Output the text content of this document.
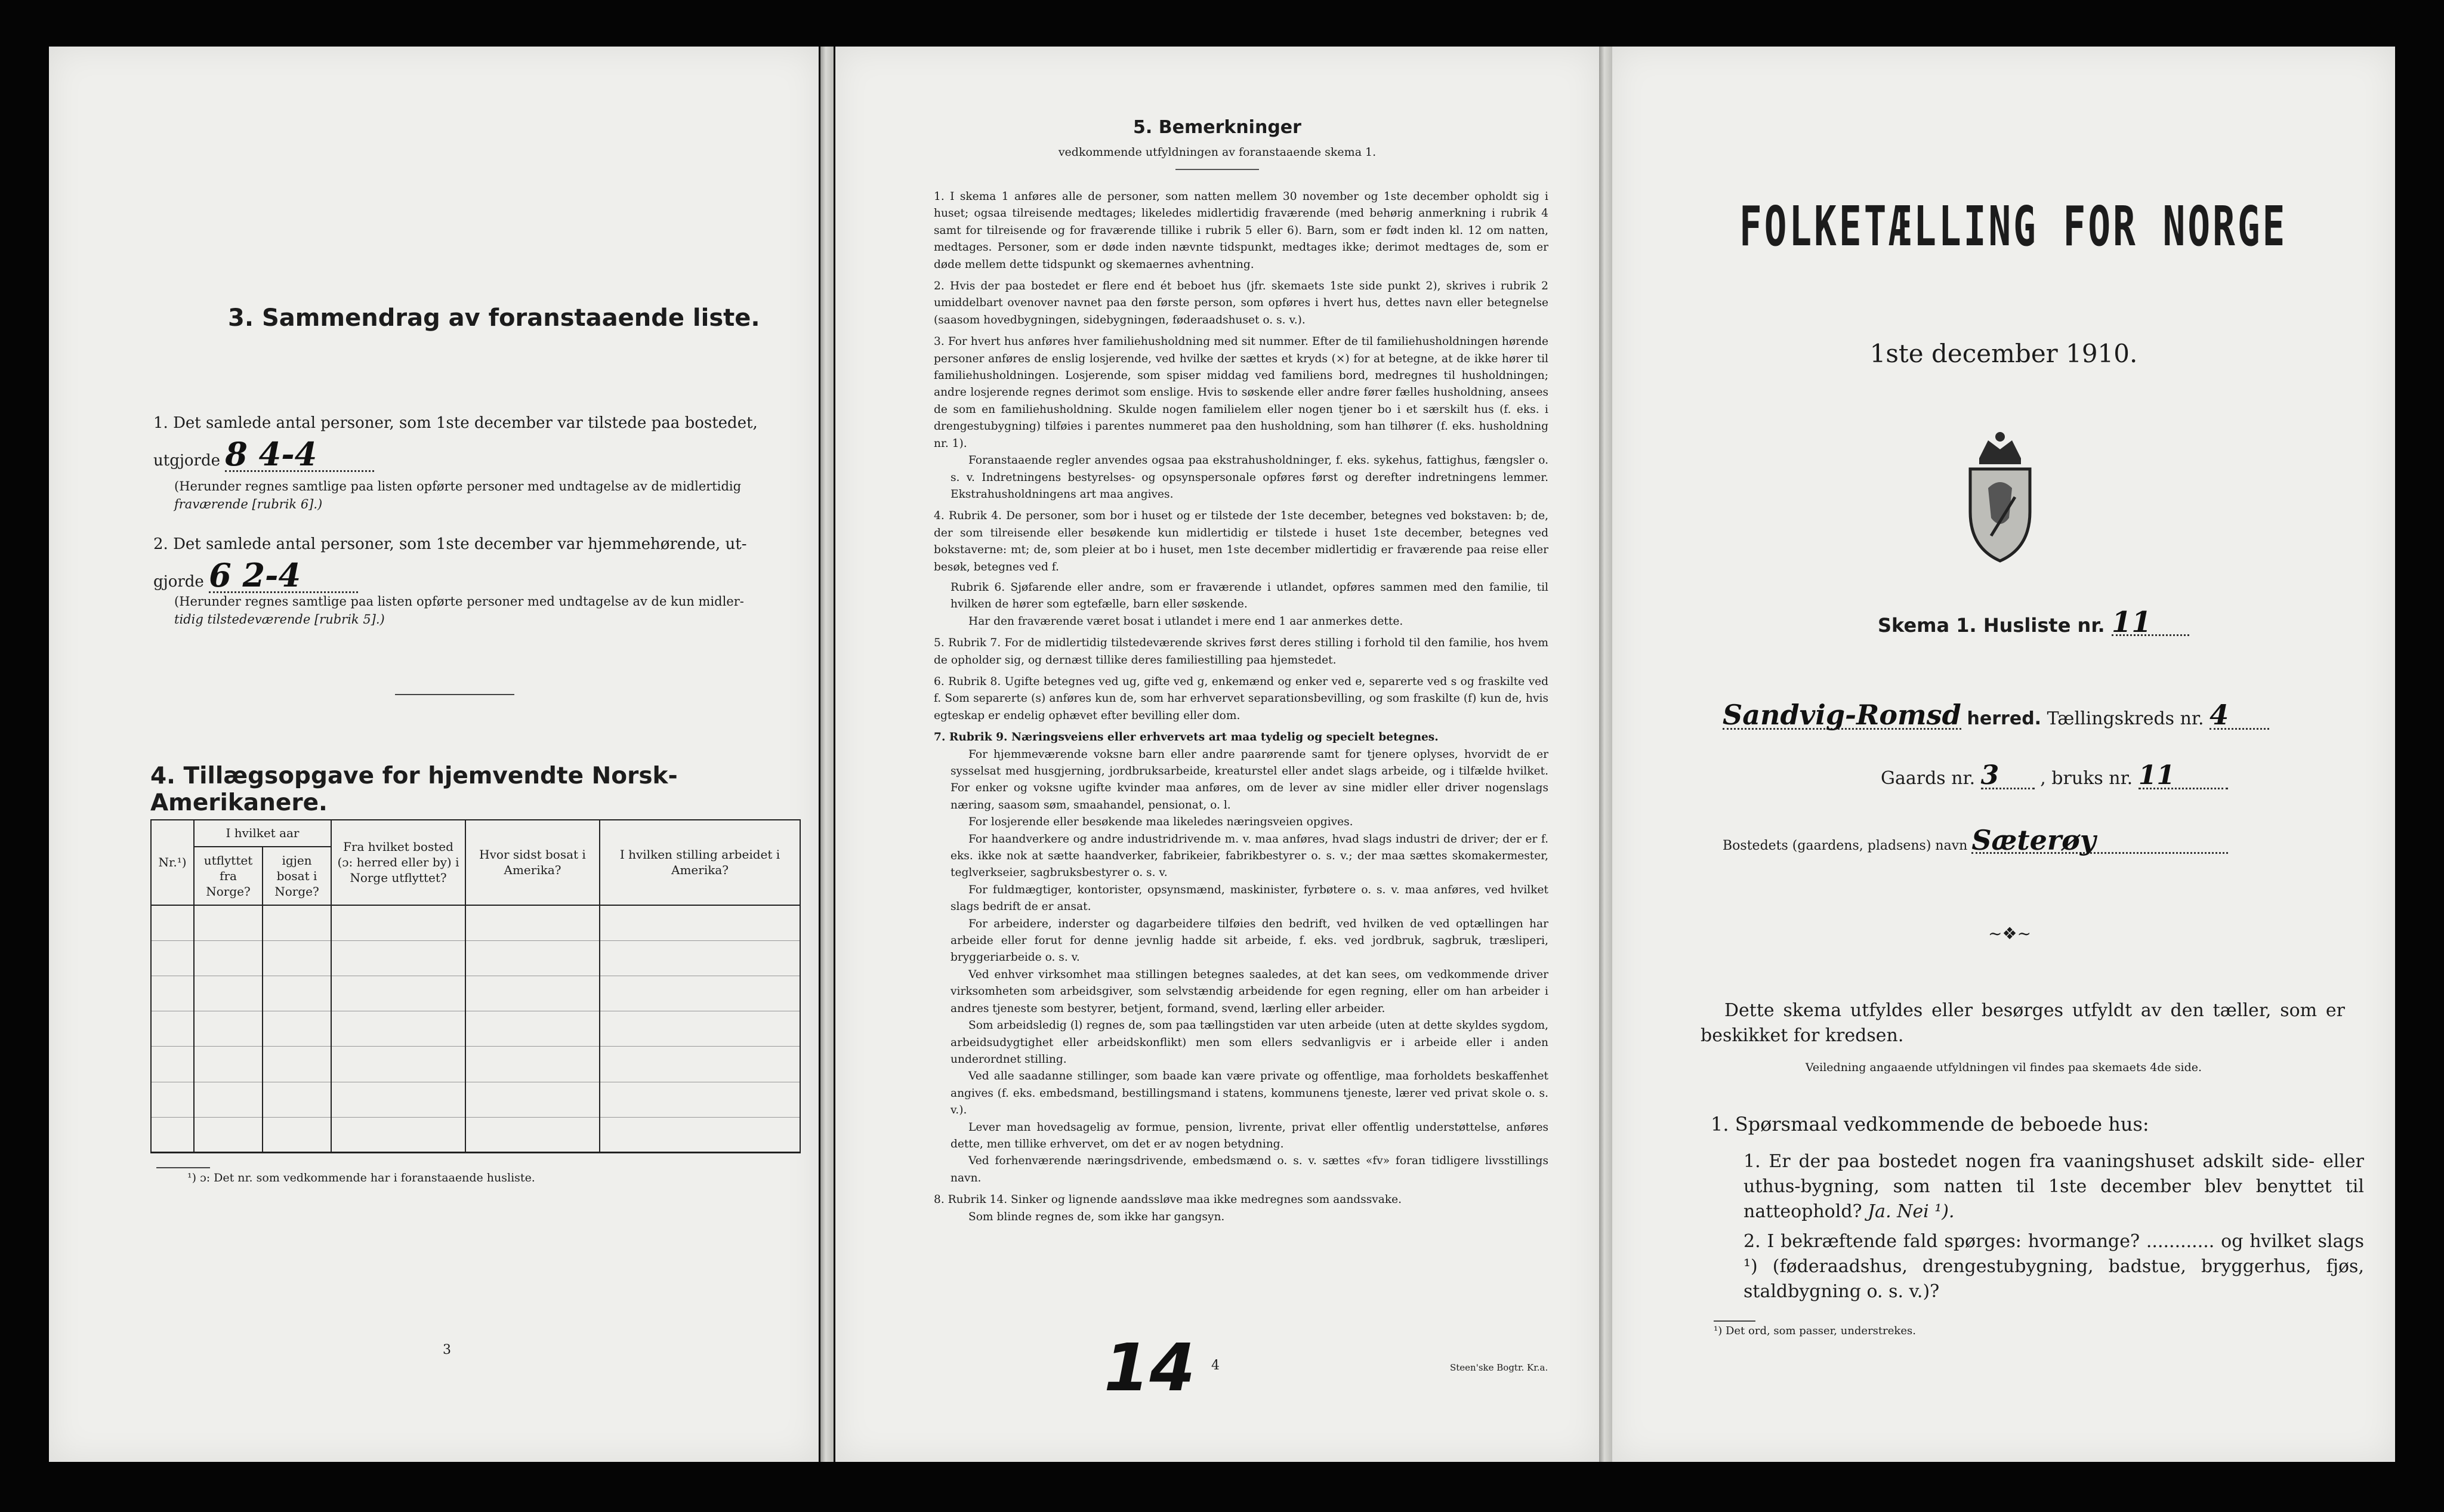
3. Sammendrag av foranstaaende liste.
1. Det samlede antal personer, som 1ste december var tilstede paa bostedet,
utgjorde 8 4-4
(Herunder regnes samtlige paa listen opførte personer med undtagelse av de midlertidig
fraværende [rubrik 6].)
2. Det samlede antal personer, som 1ste december var hjemmehørende, ut-
gjorde 6 2-4
(Herunder regnes samtlige paa listen opførte personer med undtagelse av de kun midler-
tidig tilstedeværende [rubrik 5].)
4. Tillægsopgave for hjemvendte Norsk-Amerikanere.
Nr.¹)	I hvilket aar		Fra hvilket bosted (ɔ: herred eller by) i Norge utflyttet?	Hvor sidst bosat i Amerika?	I hvilken stilling arbeidet i Amerika?
	utflyttet fra Norge?	igjen bosat i Norge?			

¹) ɔ: Det nr. som vedkommende har i foranstaaende husliste.
3
5. Bemerkninger
vedkommende utfyldningen av foranstaaende skema 1.

1. I skema 1 anføres alle de personer, som natten mellem 30 november og 1ste december opholdt sig i huset; ogsaa tilreisende medtages; likeledes midlertidig fraværende (med behørig anmerkning i rubrik 4 samt for tilreisende og for fraværende tillike i rubrik 5 eller 6). Barn, som er født inden kl. 12 om natten, medtages. Personer, som er døde inden nævnte tidspunkt, medtages ikke; derimot medtages de, som er døde mellem dette tidspunkt og skemaernes avhentning.

2. Hvis der paa bostedet er flere end ét beboet hus (jfr. skemaets 1ste side punkt 2), skrives i rubrik 2 umiddelbart ovenover navnet paa den første person, som opføres i hvert hus, dettes navn eller betegnelse (saasom hovedbygningen, sidebygningen, føderaadshuset o. s. v.).

3. For hvert hus anføres hver familiehusholdning med sit nummer. Efter de til familiehusholdningen hørende personer anføres de enslig losjerende, ved hvilke der sættes et kryds (×) for at betegne, at de ikke hører til familiehusholdningen. Losjerende, som spiser middag ved familiens bord, medregnes til husholdningen; andre losjerende regnes derimot som enslige. Hvis to søskende eller andre fører fælles husholdning, ansees de som en familiehusholdning. Skulde nogen familielem eller nogen tjener bo i et særskilt hus (f. eks. i drengestubygning) tilføies i parentes nummeret paa den husholdning, som han tilhører (f. eks. husholdning nr. 1).

Foranstaaende regler anvendes ogsaa paa ekstrahusholdninger, f. eks. sykehus, fattighus, fængsler o. s. v. Indretningens bestyrelses- og opsynspersonale opføres først og derefter indretningens lemmer. Ekstrahusholdningens art maa angives.

4. Rubrik 4. De personer, som bor i huset og er tilstede der 1ste december, betegnes ved bokstaven: b; de, der som tilreisende eller besøkende kun midlertidig er tilstede i huset 1ste december, betegnes ved bokstaverne: mt; de, som pleier at bo i huset, men 1ste december midlertidig er fraværende paa reise eller besøk, betegnes ved f.

Rubrik 6. Sjøfarende eller andre, som er fraværende i utlandet, opføres sammen med den familie, til hvilken de hører som egtefælle, barn eller søskende.

Har den fraværende været bosat i utlandet i mere end 1 aar anmerkes dette.

5. Rubrik 7. For de midlertidig tilstedeværende skrives først deres stilling i forhold til den familie, hos hvem de opholder sig, og dernæst tillike deres familiestilling paa hjemstedet.

6. Rubrik 8. Ugifte betegnes ved ug, gifte ved g, enkemænd og enker ved e, separerte ved s og fraskilte ved f. Som separerte (s) anføres kun de, som har erhvervet separationsbevilling, og som fraskilte (f) kun de, hvis egteskap er endelig ophævet efter bevilling eller dom.

7. Rubrik 9. Næringsveiens eller erhvervets art maa tydelig og specielt betegnes.

For hjemmeværende voksne barn eller andre paarørende samt for tjenere oplyses, hvorvidt de er sysselsat med husgjerning, jordbruksarbeide, kreaturstel eller andet slags arbeide, og i tilfælde hvilket. For enker og voksne ugifte kvinder maa anføres, om de lever av sine midler eller driver nogenslags næring, saasom søm, smaahandel, pensionat, o. l.

For losjerende eller besøkende maa likeledes næringsveien opgives.

For haandverkere og andre industridrivende m. v. maa anføres, hvad slags industri de driver; der er f. eks. ikke nok at sætte haandverker, fabrikeier, fabrikbestyrer o. s. v.; der maa sættes skomakermester, teglverkseier, sagbruksbestyrer o. s. v.

For fuldmægtiger, kontorister, opsynsmænd, maskinister, fyrbøtere o. s. v. maa anføres, ved hvilket slags bedrift de er ansat.

For arbeidere, inderster og dagarbeidere tilføies den bedrift, ved hvilken de ved optællingen har arbeide eller forut for denne jevnlig hadde sit arbeide, f. eks. ved jordbruk, sagbruk, træsliperi, bryggeriarbeide o. s. v.

Ved enhver virksomhet maa stillingen betegnes saaledes, at det kan sees, om vedkommende driver virksomheten som arbeidsgiver, som selvstændig arbeidende for egen regning, eller om han arbeider i andres tjeneste som bestyrer, betjent, formand, svend, lærling eller arbeider.

Som arbeidsledig (l) regnes de, som paa tællingstiden var uten arbeide (uten at dette skyldes sygdom, arbeidsudygtighet eller arbeidskonflikt) men som ellers sedvanligvis er i arbeide eller i anden underordnet stilling.

Ved alle saadanne stillinger, som baade kan være private og offentlige, maa forholdets beskaffenhet angives (f. eks. embedsmand, bestillingsmand i statens, kommunens tjeneste, lærer ved privat skole o. s. v.).

Lever man hovedsagelig av formue, pension, livrente, privat eller offentlig understøttelse, anføres dette, men tillike erhvervet, om det er av nogen betydning.

Ved forhenværende næringsdrivende, embedsmænd o. s. v. sættes «fv» foran tidligere livsstillings navn.

8. Rubrik 14. Sinker og lignende aandssløve maa ikke medregnes som aandssvake.

Som blinde regnes de, som ikke har gangsyn.

14 4	Steen'ske Bogtr. Kr.a.
FOLKETÆLLING FOR NORGE
1ste december 1910.
Skema 1. Husliste nr. 11
Sandvig-Romsd herred. Tællingskreds nr. 4
Gaards nr. 3 , bruks nr. 11
Bostedets (gaardens, pladsens) navn Sæterøy
~❖~
Dette skema utfyldes eller besørges utfyldt av den tæller, som er beskikket for kredsen.
Veiledning angaaende utfyldningen vil findes paa skemaets 4de side.
1. Spørsmaal vedkommende de beboede hus:
1. Er der paa bostedet nogen fra vaaningshuset adskilt side- eller uthus-bygning, som natten til 1ste december blev benyttet til natteophold? Ja. Nei ¹).
2. I bekræftende fald spørges: hvormange? ............ og hvilket slags ¹) (føderaadshus, drengestubygning, badstue, bryggerhus, fjøs, staldbygning o. s. v.)?
¹) Det ord, som passer, understrekes.
